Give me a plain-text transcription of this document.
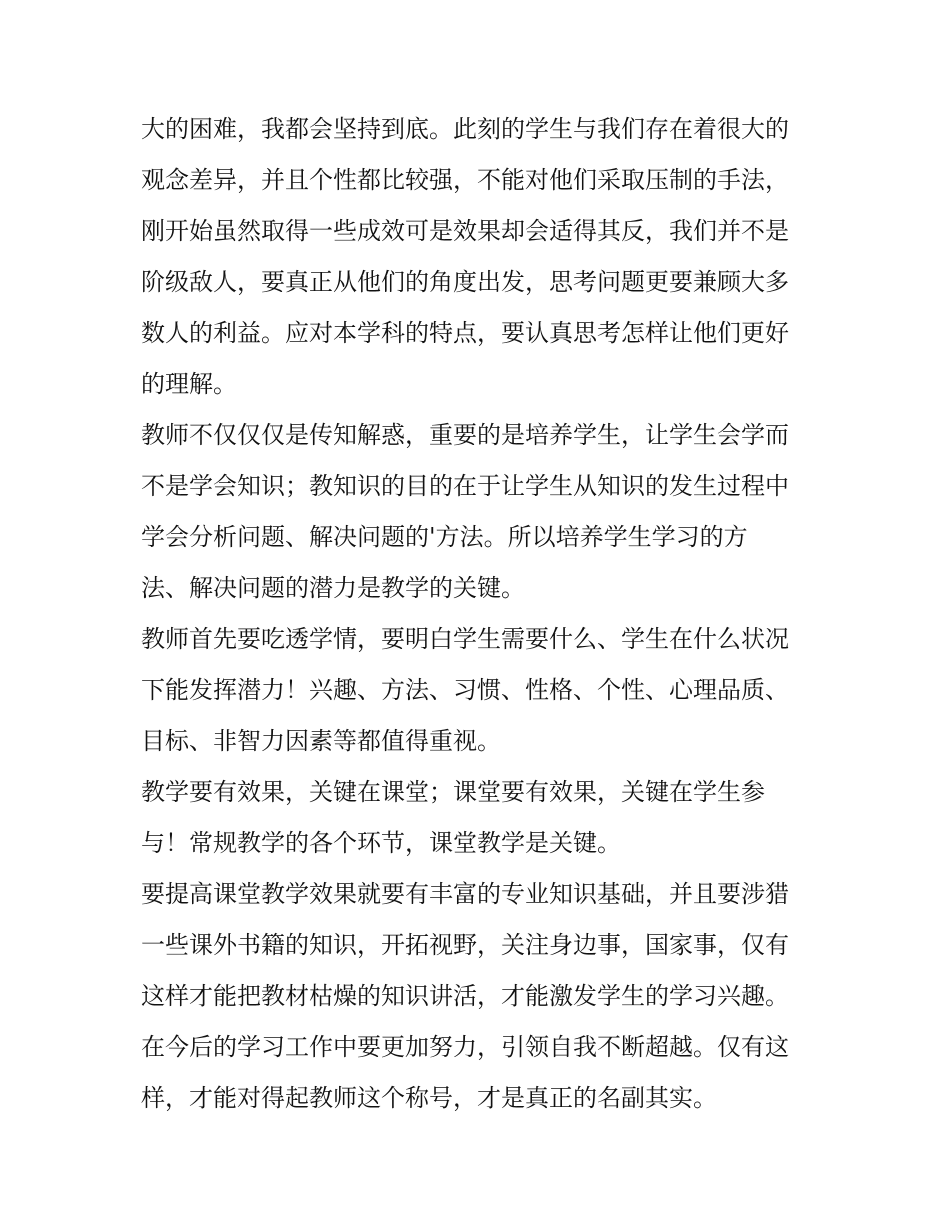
大的困难，我都会坚持到底。此刻的学生与我们存在着很大的
观念差异，并且个性都比较强，不能对他们采取压制的手法，
刚开始虽然取得一些成效可是效果却会适得其反，我们并不是
阶级敌人，要真正从他们的角度出发，思考问题更要兼顾大多
数人的利益。应对本学科的特点，要认真思考怎样让他们更好
的理解。
教师不仅仅仅是传知解惑，重要的是培养学生，让学生会学而
不是学会知识；教知识的目的在于让学生从知识的发生过程中
学会分析问题、解决问题的'方法。所以培养学生学习的方
法、解决问题的潜力是教学的关键。
教师首先要吃透学情，要明白学生需要什么、学生在什么状况
下能发挥潜力！兴趣、方法、习惯、性格、个性、心理品质、
目标、非智力因素等都值得重视。
教学要有效果，关键在课堂；课堂要有效果，关键在学生参
与！常规教学的各个环节，课堂教学是关键。
要提高课堂教学效果就要有丰富的专业知识基础，并且要涉猎
一些课外书籍的知识，开拓视野，关注身边事，国家事，仅有
这样才能把教材枯燥的知识讲活，才能激发学生的学习兴趣。
在今后的学习工作中要更加努力，引领自我不断超越。仅有这
样，才能对得起教师这个称号，才是真正的名副其实。
